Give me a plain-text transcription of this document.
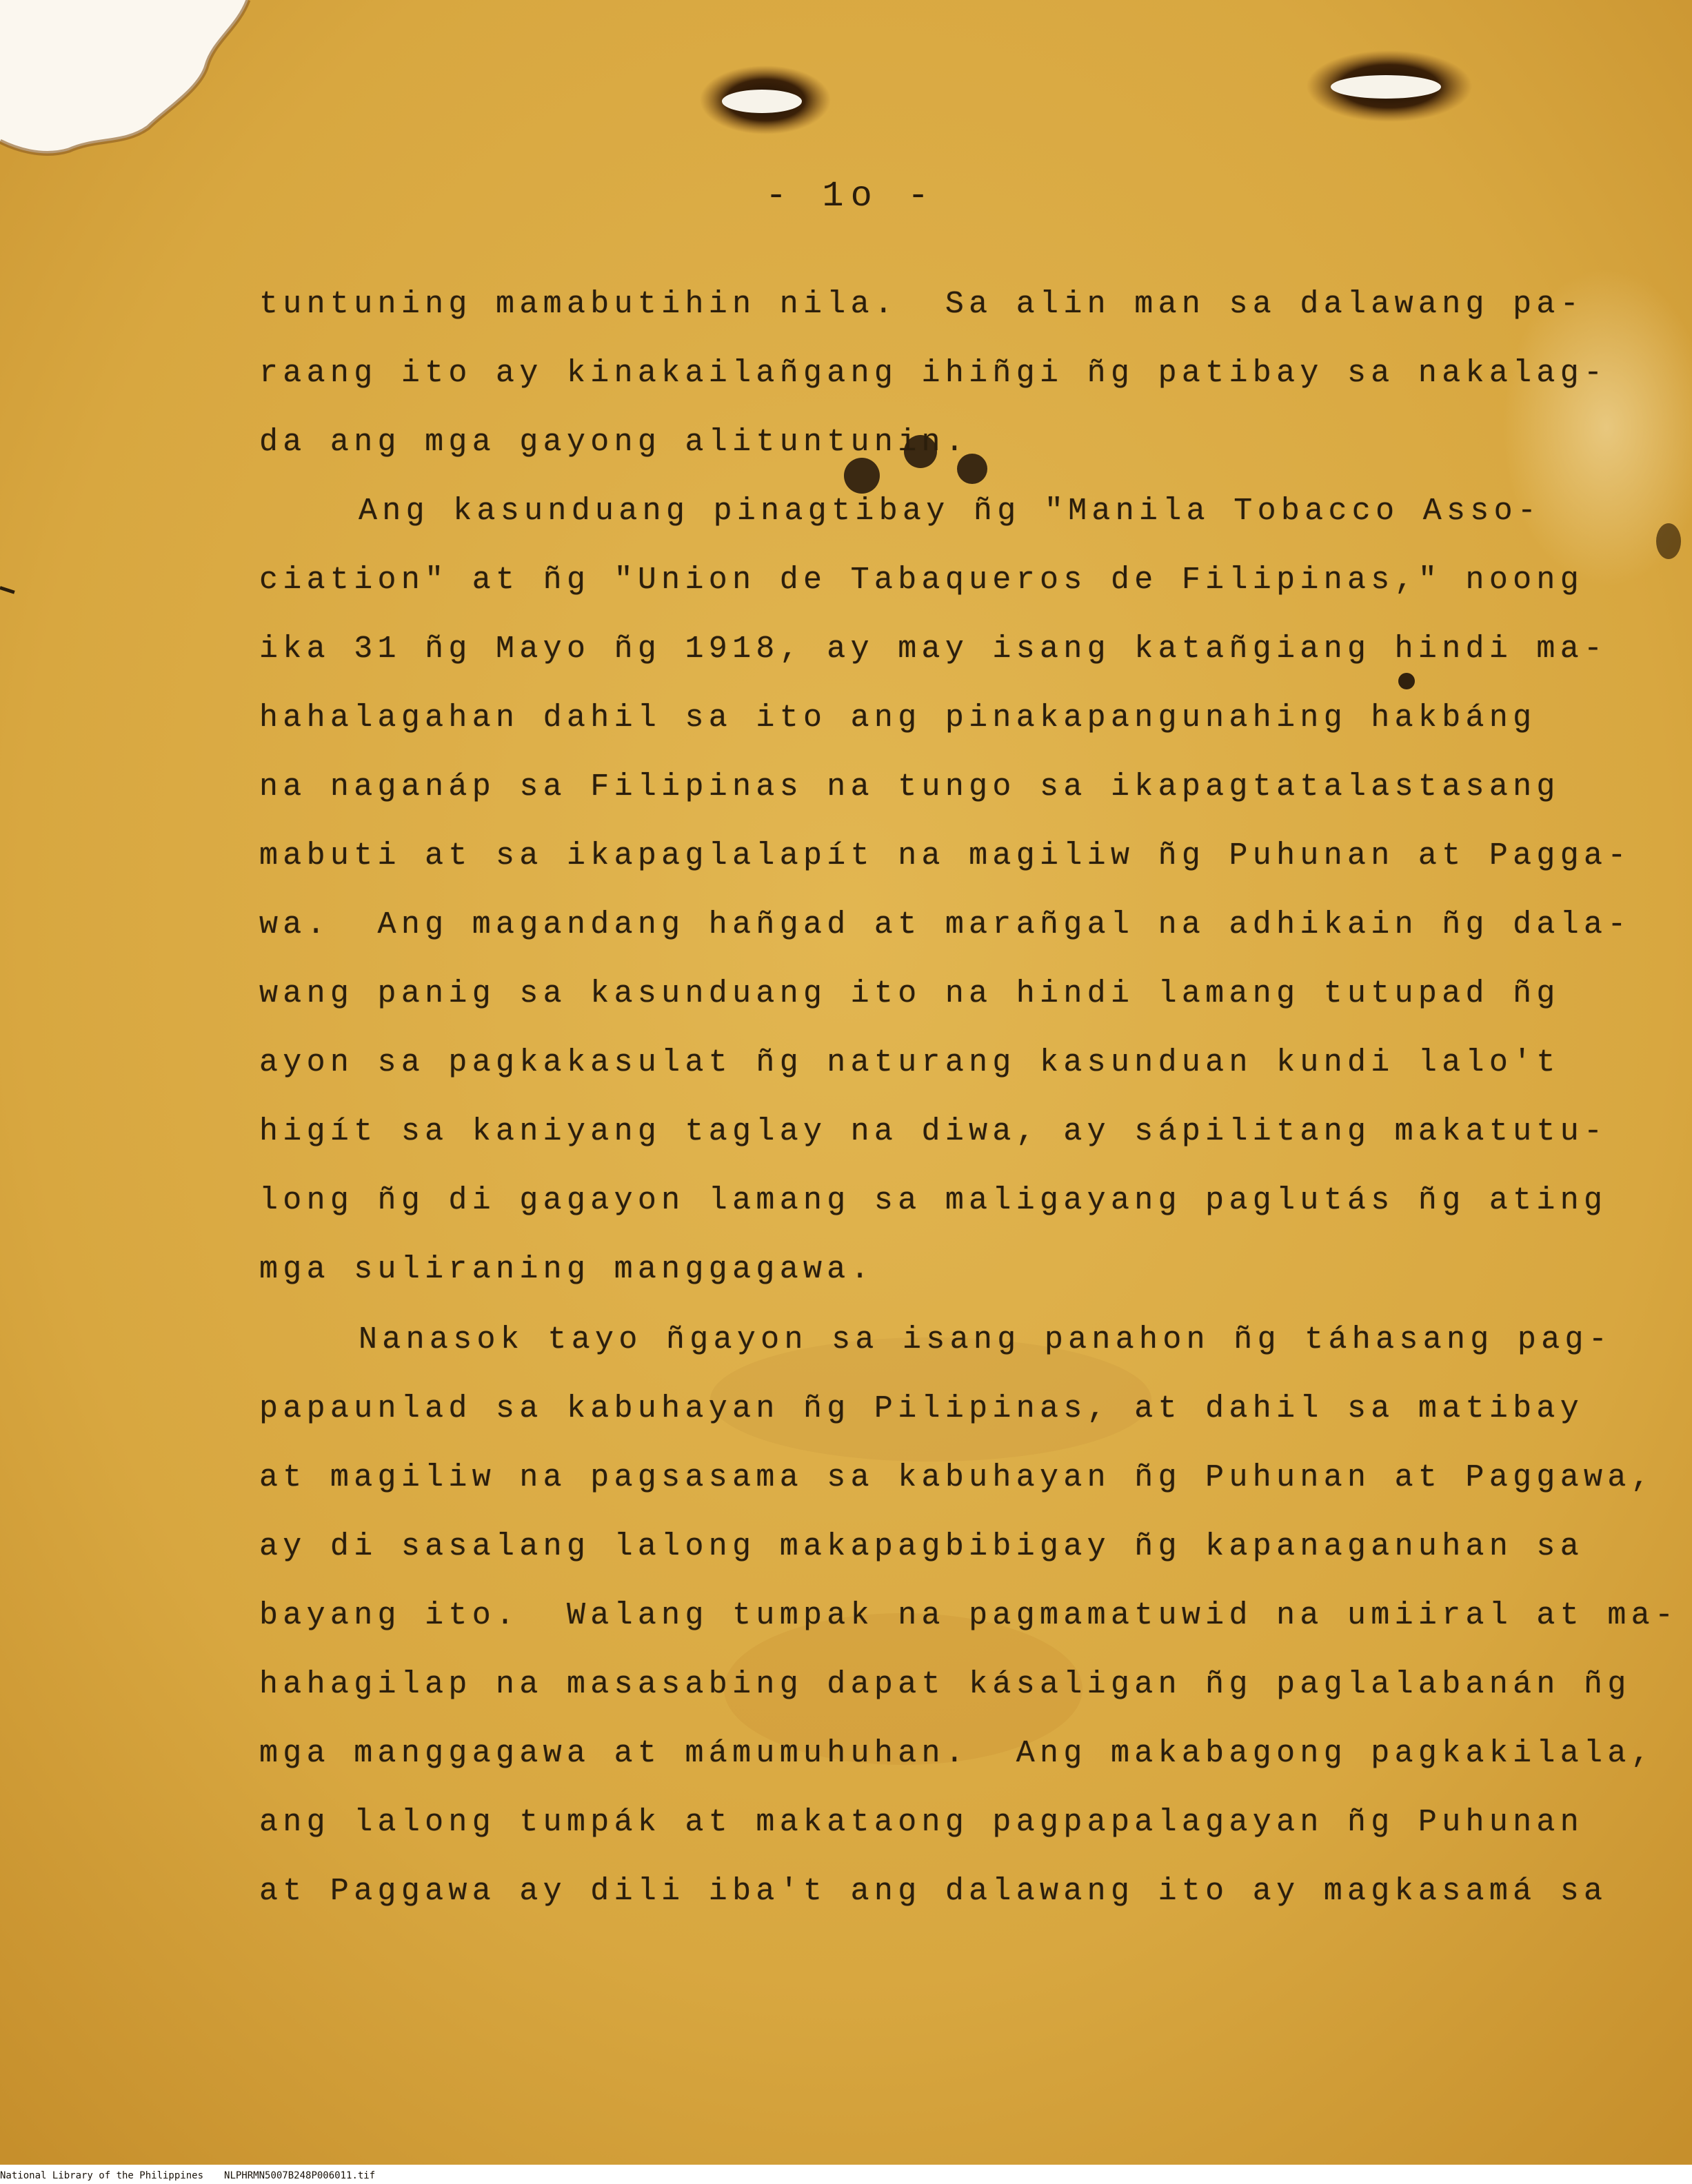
- 1o -
tuntuning mamabutihin nila.  Sa alin man sa dalawang pa-
raang ito ay kinakailañgang ihiñgi ñg patibay sa nakalag-
da ang mga gayong alituntunin.
Ang kasunduang pinagtibay ñg "Manila Tobacco Asso-
ciation" at ñg "Union de Tabaqueros de Filipinas," noong
ika 31 ñg Mayo ñg 1918, ay may isang katañgiang hindi ma-
hahalagahan dahil sa ito ang pinakapangunahing hakbáng
na naganáp sa Filipinas na tungo sa ikapagtatalastasang
mabuti at sa ikapaglalapít na magiliw ñg Puhunan at Pagga-
wa.  Ang magandang hañgad at marañgal na adhikain ñg dala-
wang panig sa kasunduang ito na hindi lamang tutupad ñg
ayon sa pagkakasulat ñg naturang kasunduan kundi lalo't
higít sa kaniyang taglay na diwa, ay sápilitang makatutu-
long ñg di gagayon lamang sa maligayang paglutás ñg ating
mga suliraning manggagawa.
Nanasok tayo ñgayon sa isang panahon ñg táhasang pag-
papaunlad sa kabuhayan ñg Pilipinas, at dahil sa matibay
at magiliw na pagsasama sa kabuhayan ñg Puhunan at Paggawa,
ay di sasalang lalong makapagbibigay ñg kapanaganuhan sa
bayang ito.  Walang tumpak na pagmamatuwid na umiiral at ma-
hahagilap na masasabing dapat kásaligan ñg paglalabanán ñg
mga manggagawa at mámumuhuhan.  Ang makabagong pagkakilala,
ang lalong tumpák at makataong pagpapalagayan ñg Puhunan
at Paggawa ay dili iba't ang dalawang ito ay magkasamá sa
National Library of the Philippines NLPHRMN5007B248P006011.tif
